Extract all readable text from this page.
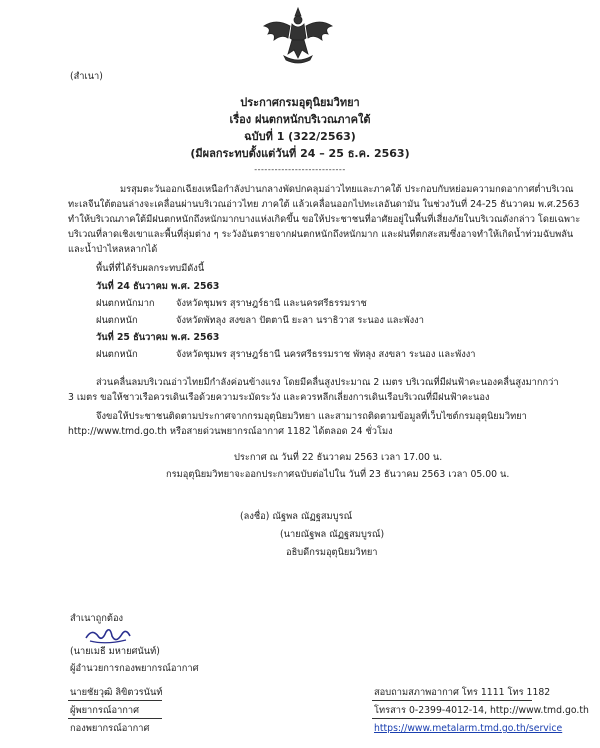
(สำเนา)
ประกาศกรมอุตุนิยมวิทยา
เรื่อง ฝนตกหนักบริเวณภาคใต้
ฉบับที่ 1 (322/2563)
(มีผลกระทบตั้งแต่วันที่ 24 – 25 ธ.ค. 2563)
---------------------------
มรสุมตะวันออกเฉียงเหนือกำลังปานกลางพัดปกคลุมอ่าวไทยและภาคใต้ ประกอบกับหย่อมความกดอากาศต่ำบริเวณ
ทะเลจีนใต้ตอนล่างจะเคลื่อนผ่านบริเวณอ่าวไทย ภาคใต้ แล้วเคลื่อนออกไปทะเลอันดามัน ในช่วงวันที่ 24-25 ธันวาคม พ.ศ.2563
ทำให้บริเวณภาคใต้มีฝนตกหนักถึงหนักมากบางแห่งเกิดขึ้น ขอให้ประชาชนที่อาศัยอยู่ในพื้นที่เสี่ยงภัยในบริเวณดังกล่าว โดยเฉพาะ
บริเวณที่ลาดเชิงเขาและพื้นที่ลุ่มต่าง ๆ ระวังอันตรายจากฝนตกหนักถึงหนักมาก และฝนที่ตกสะสมซึ่งอาจทำให้เกิดน้ำท่วมฉับพลัน
และน้ำป่าไหลหลากได้
พื้นที่ที่ได้รับผลกระทบมีดังนี้
วันที่ 24 ธันวาคม พ.ศ. 2563
ฝนตกหนักมาก จังหวัดชุมพร สุราษฎร์ธานี และนครศรีธรรมราช
ฝนตกหนัก	จังหวัดพัทลุง สงขลา ปัตตานี ยะลา นราธิวาส ระนอง และพังงา
วันที่ 25 ธันวาคม พ.ศ. 2563
ฝนตกหนัก	จังหวัดชุมพร สุราษฎร์ธานี นครศรีธรรมราช พัทลุง สงขลา ระนอง และพังงา
ส่วนคลื่นลมบริเวณอ่าวไทยมีกำลังค่อนข้างแรง โดยมีคลื่นสูงประมาณ 2 เมตร บริเวณที่มีฝนฟ้าคะนองคลื่นสูงมากกว่า
3 เมตร ขอให้ชาวเรือควรเดินเรือด้วยความระมัดระวัง และควรหลีกเลี่ยงการเดินเรือบริเวณที่มีฝนฟ้าคะนอง
จึงขอให้ประชาชนติดตามประกาศจากกรมอุตุนิยมวิทยา และสามารถติดตามข้อมูลที่เว็บไซต์กรมอุตุนิยมวิทยา
http://www.tmd.go.th หรือสายด่วนพยากรณ์อากาศ 1182 ได้ตลอด 24 ชั่วโมง
ประกาศ ณ วันที่ 22 ธันวาคม 2563 เวลา 17.00 น.
กรมอุตุนิยมวิทยาจะออกประกาศฉบับต่อไปใน วันที่ 23 ธันวาคม 2563 เวลา 05.00 น.
(ลงชื่อ) ณัฐพล ณัฏฐสมบูรณ์
(นายณัฐพล ณัฏฐสมบูรณ์)
อธิบดีกรมอุตุนิยมวิทยา
สำเนาถูกต้อง
(นายเมธี มหายศนันท์)
ผู้อำนวยการกองพยากรณ์อากาศ
นายชัยวุฒิ ลิขิตวรนันท์
ผู้พยากรณ์อากาศ
กองพยากรณ์อากาศ
สอบถามสภาพอากาศ โทร 1111 โทร 1182
โทรสาร 0-2399-4012-14, http://www.tmd.go.th
https://www.metalarm.tmd.go.th/service
